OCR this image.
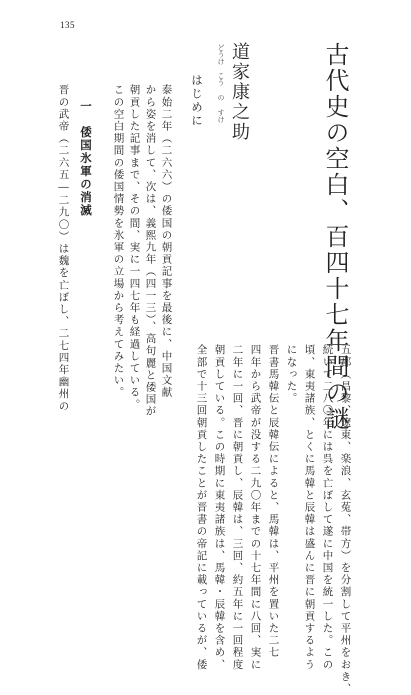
135
古代史の空白、百四十七年間の謎
どうけ　こう の すけ 道家康之助
はじめに
泰始二年（二六六）の倭国の朝貢記事を最後に、中国文献
から姿を消して、次は、義熙九年（四一三）、高句麗と倭国が
朝貢した記事まで、その間、実に一四七年も経過している。
この空白期間の倭国情勢を氷軍の立場から考えてみたい。
一　倭国氷軍の消滅
晋の武帝（二六五―二九〇）は魏を亡ぼし、二七四年幽州の
五郡（昌黎、遼東、楽浪、玄菟、帯方）を分割して平州をおき、
続いて二八〇年には呉を亡ぼして遂に中国を統一した。この
頃、東夷諸族、とくに馬韓と辰韓は盛んに晋に朝貢するよう
になった。
晋書馬韓伝と辰韓伝によると、馬韓は、平州を置いた二七
四年から武帝が没する二九〇年までの十七年間に八回、実に
二年に一回、晋に朝貢し、辰韓は、三回、約五年に一回程度
朝貢している。この時期に東夷諸族は、馬韓・辰韓を含め、
全部で十三回朝貢したことが晋書の帝記に載っているが、倭
